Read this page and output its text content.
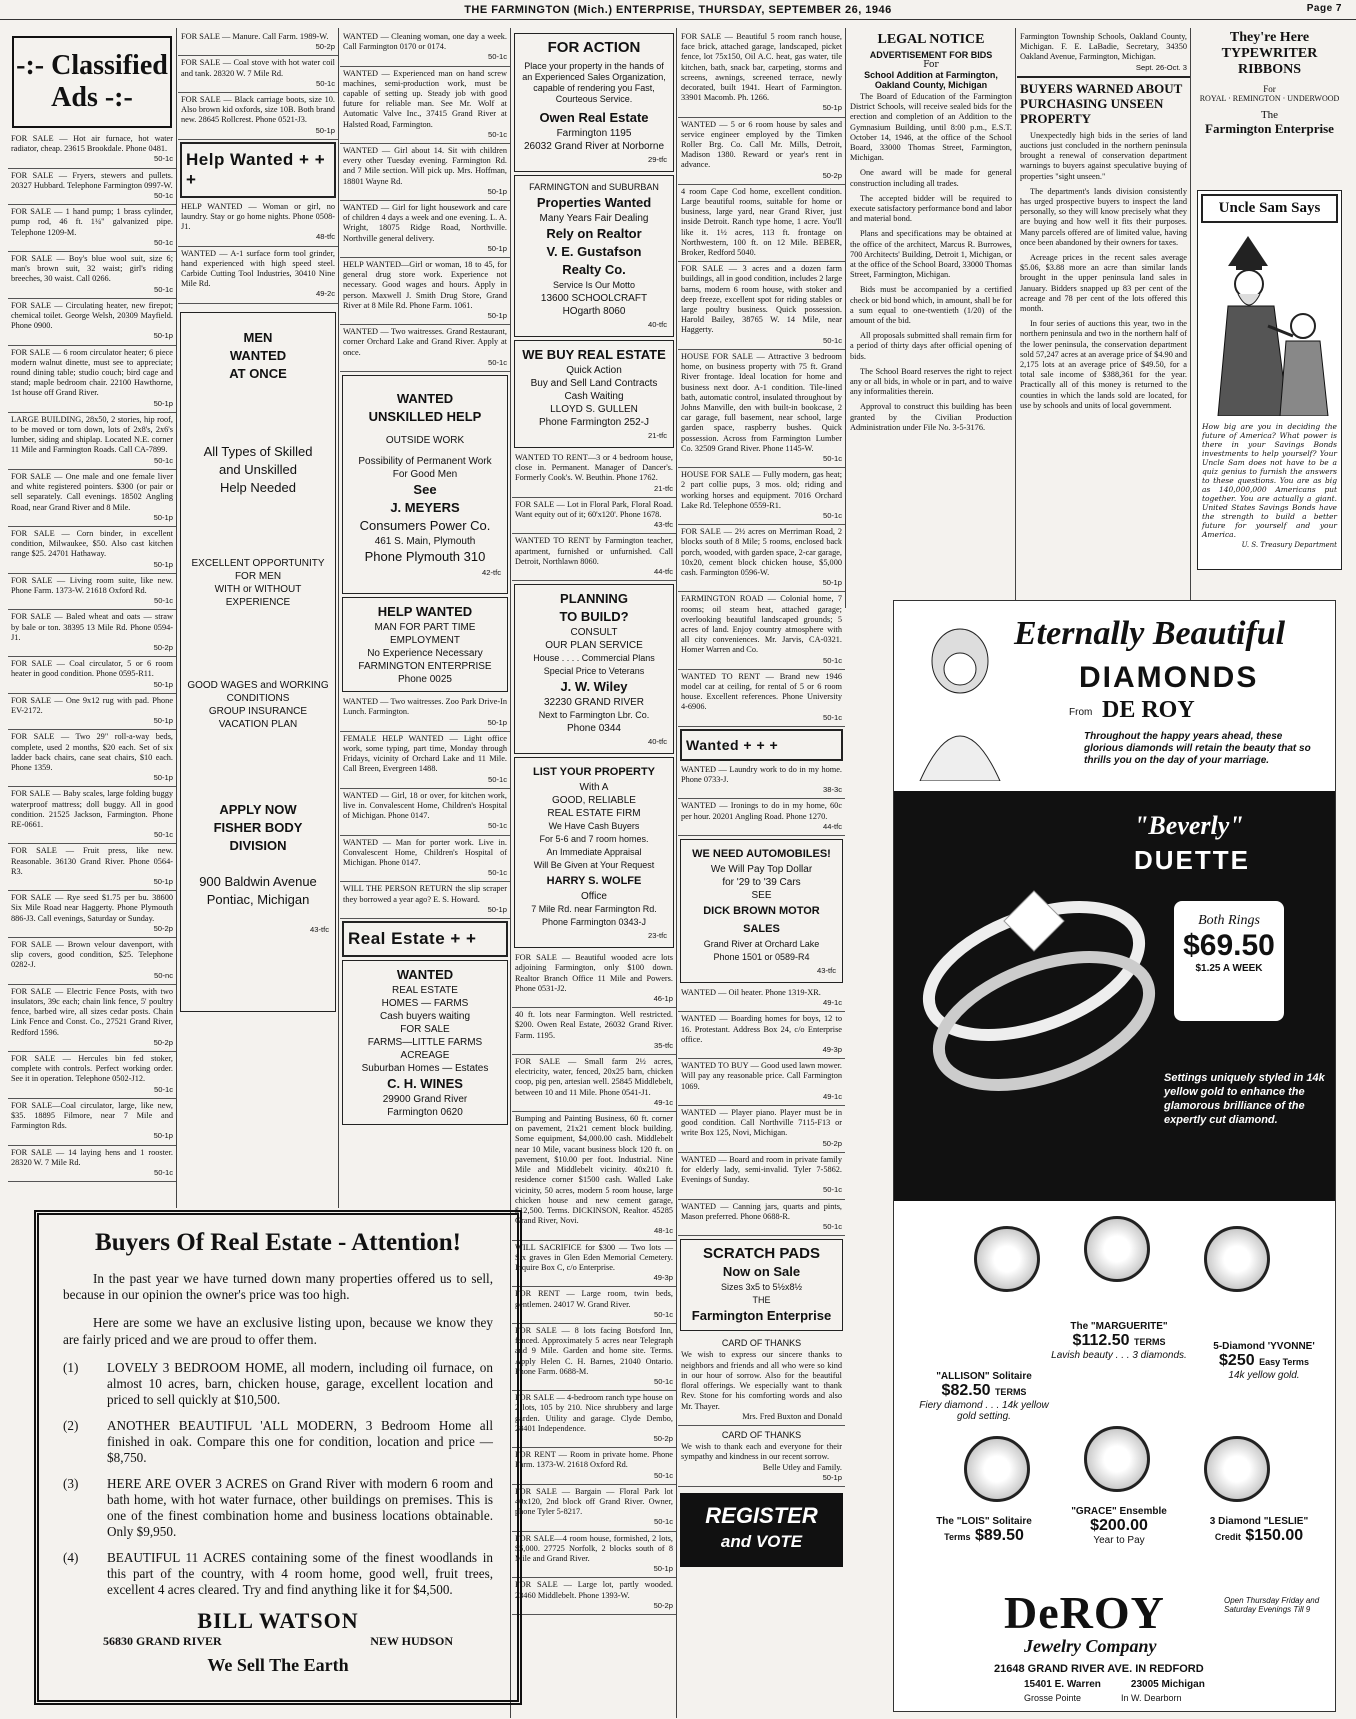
THE FARMINGTON (Mich.) ENTERPRISE, THURSDAY, SEPTEMBER 26, 1946	Page 7
-:- Classified Ads -:-
FOR SALE — Hot air furnace, hot water radiator, cheap. 23615 Brookdale. Phone 0481.
50-1c
FOR SALE — Fryers, stewers and pullets. 20327 Hubbard. Telephone Farmington 0997-W.
50-1c
FOR SALE — 1 hand pump; 1 brass cylinder, pump rod, 46 ft. 1¼" galvanized pipe. Telephone 1209-M.
50-1c
FOR SALE — Boy's blue wool suit, size 6; man's brown suit, 32 waist; girl's riding breeches, 30 waist. Call 0266.
50-1c
FOR SALE — Circulating heater, new firepot; chemical toilet. George Welsh, 20309 Mayfield. Phone 0900.
50-1p
FOR SALE — 6 room circulator heater; 6 piece modern walnut dinette, must see to appreciate; round dining table; studio couch; bird cage and stand; maple bedroom chair. 22100 Hawthorne, 1st house off Grand River.
50-1p
LARGE BUILDING, 28x50, 2 stories, hip roof, to be moved or torn down, lots of 2x8's, 2x6's lumber, siding and shiplap. Located N.E. corner 11 Mile and Farmington Roads. Call CA-7899.
50-1c
FOR SALE — One male and one female liver and white registered pointers. $300 (or pair or sell separately. Call evenings. 18502 Angling Road, near Grand River and 8 Mile.
50-1p
FOR SALE — Corn binder, in excellent condition, Milwaukee, $50. Also cast kitchen range $25. 24701 Hathaway.
50-1p
FOR SALE — Living room suite, like new. Phone Farm. 1373-W. 21618 Oxford Rd.
50-1c
FOR SALE — Baled wheat and oats — straw by bale or ton. 38395 13 Mile Rd. Phone 0594-J1.
50-2p
FOR SALE — Coal circulator, 5 or 6 room heater in good condition. Phone 0595-R11.
50-1p
FOR SALE — One 9x12 rug with pad. Phone EV-2172.
50-1p
FOR SALE — Two 29" roll-a-way beds, complete, used 2 months, $20 each. Set of six ladder back chairs, cane seat chairs, $10 each. Phone 1359.
50-1p
FOR SALE — Baby scales, large folding buggy waterproof mattress; doll buggy. All in good condition. 21525 Jackson, Farmington. Phone RE-0661.
50-1c
FOR SALE — Fruit press, like new. Reasonable. 36130 Grand River. Phone 0564-R3.
50-1p
FOR SALE — Rye seed $1.75 per bu. 38600 Six Mile Road near Haggerty. Phone Plymouth 886-J3. Call evenings, Saturday or Sunday.
50-2p
FOR SALE — Brown velour davenport, with slip covers, good condition, $25. Telephone 0282-J.
50-nc
FOR SALE — Electric Fence Posts, with two insulators, 39c each; chain link fence, 5' poultry fence, barbed wire, all sizes cedar posts. Chain Link Fence and Const. Co., 27521 Grand River, Redford 1596.
50-2p
FOR SALE — Hercules bin fed stoker, complete with controls. Perfect working order. See it in operation. Telephone 0502-J12.
50-1c
FOR SALE—Coal circulator, large, like new, $35. 18895 Filmore, near 7 Mile and Farmington Rds.
50-1p
FOR SALE — 14 laying hens and 1 rooster. 28320 W. 7 Mile Rd.
50-1c
FOR SALE — Manure. Call Farm. 1989-W.
50-2p
FOR SALE — Coal stove with hot water coil and tank. 28320 W. 7 Mile Rd.
50-1c
FOR SALE — Black carriage boots, size 10. Also brown kid oxfords, size 10B. Both brand new. 28645 Rollcrest. Phone 0521-J3.
50-1p
Help Wanted + + +
HELP WANTED — Woman or girl, no laundry. Stay or go home nights. Phone 0508-J1.
48-tfc
WANTED — A-1 surface form tool grinder, hand experienced with high speed steel. Carbide Cutting Tool Industries, 30410 Nine Mile Rd.
49-2c
MEN
WANTED
AT ONCE
All Types of Skilled
and Unskilled
Help Needed
EXCELLENT OPPORTUNITY
FOR MEN
WITH or WITHOUT
EXPERIENCE
GOOD WAGES and WORKING
CONDITIONS
GROUP INSURANCE
VACATION PLAN
APPLY NOW
FISHER BODY
DIVISION
900 Baldwin Avenue
Pontiac, Michigan
43-tfc
WANTED — Cleaning woman, one day a week. Call Farmington 0170 or 0174.
50-1c
WANTED — Experienced man on hand screw machines, semi-production work, must be capable of setting up. Steady job with good future for reliable man. See Mr. Wolf at Automatic Valve Inc., 37415 Grand River at Halsted Road, Farmington.
50-1c
WANTED — Girl about 14. Sit with children every other Tuesday evening. Farmington Rd. and 7 Mile section. Will pick up. Mrs. Hoffman, 18801 Wayne Rd.
50-1p
WANTED — Girl for light housework and care of children 4 days a week and one evening. L. A. Wright, 18075 Ridge Road, Northville. Northville general delivery.
50-1p
HELP WANTED—Girl or woman, 18 to 45, for general drug store work. Experience not necessary. Good wages and hours. Apply in person. Maxwell J. Smith Drug Store, Grand River at 8 Mile Rd. Phone Farm. 1061.
50-1p
WANTED — Two waitresses. Grand Restaurant, corner Orchard Lake and Grand River. Apply at once.
50-1c
WANTED
UNSKILLED HELP
OUTSIDE WORK
Possibility of Permanent Work
For Good Men
See
J. MEYERS
Consumers Power Co.
461 S. Main, Plymouth
Phone Plymouth 310
42-tfc
HELP WANTED
MAN FOR PART TIME EMPLOYMENT
No Experience Necessary
FARMINGTON ENTERPRISE
Phone 0025
WANTED — Two waitresses. Zoo Park Drive-In Lunch. Farmington.
50-1p
FEMALE HELP WANTED — Light office work, some typing, part time, Monday through Fridays, vicinity of Orchard Lake and 11 Mile. Call Breen, Evergreen 1488.
50-1c
WANTED — Girl, 18 or over, for kitchen work, live in. Convalescent Home, Children's Hospital of Michigan. Phone 0147.
50-1c
WANTED — Man for porter work. Live in. Convalescent Home, Children's Hospital of Michigan. Phone 0147.
50-1c
WILL THE PERSON RETURN the slip scraper they borrowed a year ago? E. S. Howard.
50-1p
Real Estate + +
WANTED
REAL ESTATE
HOMES — FARMS
Cash buyers waiting
FOR SALE
FARMS—LITTLE FARMS
ACREAGE
Suburban Homes — Estates
C. H. WINES
29900 Grand River
Farmington 0620
FOR ACTION
Place your property in the hands of an Experienced Sales Organization, capable of rendering you Fast, Courteous Service.
Owen Real Estate
Farmington 1195
26032 Grand River at Norborne
29-tfc
FARMINGTON and SUBURBAN
Properties Wanted
Many Years Fair Dealing
Rely on Realtor
V. E. Gustafson
Realty Co.
Service Is Our Motto
13600 SCHOOLCRAFT
HOgarth 8060
40-tfc
WE BUY REAL ESTATE
Quick Action
Buy and Sell Land Contracts
Cash Waiting
LLOYD S. GULLEN
Phone Farmington 252-J
21-tfc
WANTED TO RENT—3 or 4 bedroom house, close in. Permanent. Manager of Dancer's. Formerly Cook's. W. Beuthin. Phone 1762.
21-tfc
FOR SALE — Lot in Floral Park, Floral Road. Want equity out of it; 60'x120'. Phone 1678.
43-tfc
WANTED TO RENT by Farmington teacher, apartment, furnished or unfurnished. Call Detroit, Northlawn 8060.
44-tfc
PLANNING
TO BUILD?
CONSULT
OUR PLAN SERVICE
House . . . . Commercial Plans
Special Price to Veterans
J. W. Wiley
32230 GRAND RIVER
Next to Farmington Lbr. Co.
Phone 0344
40-tfc
LIST YOUR PROPERTY
With A
GOOD, RELIABLE
REAL ESTATE FIRM
We Have Cash Buyers
For 5-6 and 7 room homes.
An Immediate Appraisal
Will Be Given at Your Request
HARRY S. WOLFE
Office
7 Mile Rd. near Farmington Rd.
Phone Farmington 0343-J
23-tfc
FOR SALE — Beautiful wooded acre lots adjoining Farmington, only $100 down. Realtor Branch Office 11 Mile and Powers. Phone 0531-J2.
46-1p
40 ft. lots near Farmington. Well restricted. $200. Owen Real Estate, 26032 Grand River. Farm. 1195.
35-tfc
FOR SALE — Small farm 2½ acres, electricity, water, fenced, 20x25 barn, chicken coop, pig pen, artesian well. 25845 Middlebelt, between 10 and 11 Mile. Phone 0541-J1.
49-1c
Bumping and Painting Business, 60 ft. corner on pavement, 21x21 cement block building. Some equipment, $4,000.00 cash. Middlebelt near 10 Mile, vacant business block 120 ft. on pavement, $10.00 per foot. Industrial. Nine Mile and Middlebelt vicinity. 40x210 ft. residence corner $1500 cash. Walled Lake vicinity, 50 acres, modern 5 room house, large chicken house and new cement garage, $12,500. Terms. DICKINSON, Realtor. 45285 Grand River, Novi.
48-1c
WILL SACRIFICE for $300 — Two lots — Six graves in Glen Eden Memorial Cemetery. Inquire Box C, c/o Enterprise.
49-3p
FOR RENT — Large room, twin beds, gentlemen. 24017 W. Grand River.
50-1c
FOR SALE — 8 lots facing Botsford Inn, fenced. Approximately 5 acres near Telegraph and 9 Mile. Garden and home site. Terms. Apply Helen C. H. Barnes, 21040 Ontario. Phone Farm. 0688-M.
50-1c
FOR SALE — 4-bedroom ranch type house on 2 lots, 105 by 210. Nice shrubbery and large garden. Utility and garage. Clyde Dembo, 28401 Independence.
50-2p
FOR RENT — Room in private home. Phone Farm. 1373-W. 21618 Oxford Rd.
50-1c
FOR SALE — Bargain — Floral Park lot 40x120, 2nd block off Grand River. Owner, phone Tyler 5-8217.
50-1c
FOR SALE—4 room house, formished, 2 lots, $5,000. 27725 Norfolk, 2 blocks south of 8 Mile and Grand River.
50-1p
FOR SALE — Large lot, partly wooded. 23460 Middlebelt. Phone 1393-W.
50-2p
FOR SALE — Beautiful 5 room ranch house, face brick, attached garage, landscaped, picket fence, lot 75x150, Oil A.C. heat, gas water, tile kitchen, bath, snack bar, carpeting, storms and screens, awnings, screened terrace, newly decorated, built 1941. Heart of Farmington. 33901 Macomb. Ph. 1266.
50-1p
WANTED — 5 or 6 room house by sales and service engineer employed by the Timken Roller Brg. Co. Call Mr. Mills, Detroit, Madison 1380. Reward or year's rent in advance.
50-2p
4 room Cape Cod home, excellent condition. Large beautiful rooms, suitable for home or business, large yard, near Grand River, just inside Detroit. Ranch type home, 1 acre. You'll like it. 1½ acres, 113 ft. frontage on Northwestern, 100 ft. on 12 Mile. BEBER, Broker, Redford 5040.
FOR SALE — 3 acres and a dozen farm buildings, all in good condition, includes 2 large barns, modern 6 room house, with stoker and deep freeze, excellent spot for riding stables or large poultry business. Quick possession. Harold Bailey, 38765 W. 14 Mile, near Haggerty.
50-1c
HOUSE FOR SALE — Attractive 3 bedroom home, on business property with 75 ft. Grand River frontage. Ideal location for home and business next door. A-1 condition. Tile-lined bath, automatic control, insulated throughout by Johns Manville, den with built-in bookcase, 2 car garage, full basement, near school, large garden space, raspberry bushes. Quick possession. Across from Farmington Lumber Co. 32509 Grand River. Phone 1145-W.
50-1c
HOUSE FOR SALE — Fully modern, gas heat; 2 part collie pups, 3 mos. old; riding and working horses and equipment. 7016 Orchard Lake Rd. Telephone 0559-R1.
50-1c
FOR SALE — 2½ acres on Merriman Road, 2 blocks south of 8 Mile; 5 rooms, enclosed back porch, wooded, with garden space, 2-car garage, 10x20, cement block chicken house, $5,000 cash. Farmington 0596-W.
50-1p
FARMINGTON ROAD — Colonial home, 7 rooms; oil steam heat, attached garage; overlooking beautiful landscaped grounds; 5 acres of land. Enjoy country atmosphere with all city conveniences. Mr. Jarvis, CA-0321. Homer Warren and Co.
50-1c
WANTED TO RENT — Brand new 1946 model car at ceiling, for rental of 5 or 6 room house. Excellent references. Phone University 4-6906.
50-1c
Wanted + + +
WANTED — Laundry work to do in my home. Phone 0733-J.
38-3c
WANTED — Ironings to do in my home, 60c per hour. 20201 Angling Road. Phone 1270.
44-tfc
WE NEED AUTOMOBILES!
We Will Pay Top Dollar
for '29 to '39 Cars
SEE
DICK BROWN MOTOR SALES
Grand River at Orchard Lake
Phone 1501 or 0589-R4
43-tfc
WANTED — Oil heater. Phone 1319-XR.
49-1c
WANTED — Boarding homes for boys, 12 to 16. Protestant. Address Box 24, c/o Enterprise office.
49-3p
WANTED TO BUY — Good used lawn mower. Will pay any reasonable price. Call Farmington 1069.
49-1c
WANTED — Player piano. Player must be in good condition. Call Northville 7115-F13 or write Box 125, Novi, Michigan.
50-2p
WANTED — Board and room in private family for elderly lady, semi-invalid. Tyler 7-5862. Evenings of Sunday.
50-1c
WANTED — Canning jars, quarts and pints, Mason preferred. Phone 0688-R.
50-1c
SCRATCH PADS
Now on Sale
Sizes 3x5 to 5½x8½
THE
Farmington Enterprise
CARD OF THANKS
We wish to express our sincere thanks to neighbors and friends and all who were so kind in our hour of sorrow. Also for the beautiful floral offerings. We especially want to thank Rev. Stone for his comforting words and also Mr. Thayer.
Mrs. Fred Buxton and Donald
CARD OF THANKS
We wish to thank each and everyone for their sympathy and kindness in our recent sorrow.
Belle Utley and Family.
50-1p
REGISTER
and VOTE
LEGAL NOTICE
ADVERTISEMENT FOR BIDS
For
School Addition at Farmington, Oakland County, Michigan
The Board of Education of the Farmington District Schools, will receive sealed bids for the erection and completion of an Addition to the Gymnasium Building, until 8:00 p.m., E.S.T. October 14, 1946, at the office of the School Board, 33000 Thomas Street, Farmington, Michigan.
One award will be made for general construction including all trades.
The accepted bidder will be required to execute satisfactory performance bond and labor and material bond.
Plans and specifications may be obtained at the office of the architect, Marcus R. Burrowes, 700 Architects' Building, Detroit 1, Michigan, or at the office of the School Board, 33000 Thomas Street, Farmington, Michigan.
Bids must be accompanied by a certified check or bid bond which, in amount, shall be for a sum equal to one-twentieth (1/20) of the amount of the bid.
All proposals submitted shall remain firm for a period of thirty days after official opening of bids.
The School Board reserves the right to reject any or all bids, in whole or in part, and to waive any informalities therein.
Approval to construct this building has been granted by the Civilian Production Administration under File No. 3-5-3176.
Farmington Township Schools, Oakland County, Michigan. F. E. LaBadie, Secretary, 34350 Oakland Avenue, Farmington, Michigan.
Sept. 26-Oct. 3
BUYERS WARNED ABOUT PURCHASING UNSEEN PROPERTY
Unexpectedly high bids in the series of land auctions just concluded in the northern peninsula brought a renewal of conservation department warnings to buyers against speculative buying of properties "sight unseen."
The department's lands division consistently has urged prospective buyers to inspect the land personally, so they will know precisely what they are buying and how well it fits their purposes. Many parcels offered are of limited value, having once been abandoned by their owners for taxes.
Acreage prices in the recent sales average $5.06, $3.88 more an acre than similar lands brought in the upper peninsula land sales in January. Bidders snapped up 83 per cent of the acreage and 78 per cent of the lots offered this month.
In four series of auctions this year, two in the northern peninsula and two in the northern half of the lower peninsula, the conservation department sold 57,247 acres at an average price of $4.90 and 2,175 lots at an average price of $49.50, for a total sale income of $388,361 for the year. Practically all of this money is returned to the counties in which the lands sold are located, for use by schools and units of local government.
They're Here
TYPEWRITER
RIBBONS
For
ROYAL · REMINGTON · UNDERWOOD
The
Farmington Enterprise
Uncle Sam Says
How big are you in deciding the future of America? What power is there in your Savings Bonds investments to help yourself? Your Uncle Sam does not have to be a quiz genius to furnish the answers to these questions. You are as big as 140,000,000 Americans put together. You are actually a giant. United States Savings Bonds have the strength to build a better future for yourself and your America.
U. S. Treasury Department
Buyers Of Real Estate - Attention!

In the past year we have turned down many properties offered us to sell, because in our opinion the owner's price was too high.

Here are some we have an exclusive listing upon, because we know they are fairly priced and we are proud to offer them.

(1) LOVELY 3 BEDROOM HOME, all modern, including oil furnace, on almost 10 acres, barn, chicken house, garage, excellent location and priced to sell quickly at $10,500.
(2) ANOTHER BEAUTIFUL 'ALL MODERN, 3 Bedroom Home all finished in oak. Compare this one for condition, location and price — $8,750.
(3) HERE ARE OVER 3 ACRES on Grand River with modern 6 room and bath home, with hot water furnace, other buildings on premises. This is one of the finest combination home and business locations obtainable. Only $9,950.
(4) BEAUTIFUL 11 ACRES containing some of the finest woodlands in this part of the country, with 4 room home, good well, fruit trees, excellent 4 acres cleared. Try and find anything like it for $4,500.
BILL WATSON
56830 GRAND RIVER	NEW HUDSON
We Sell The Earth
Eternally Beautiful
DIAMONDS
From DE ROY
Throughout the happy years ahead, these glorious diamonds will retain the beauty that so thrills you on the day of your marriage.
"Beverly"
DUETTE
Both Rings
$69.50
$1.25 A WEEK
Settings uniquely styled in 14k yellow gold to enhance the glamorous brilliance of the expertly cut diamond.
The "MARGUERITE"
$112.50 TERMS
Lavish beauty . . . 3 diamonds.
"ALLISON" Solitaire
$82.50 TERMS
Fiery diamond . . . 14k yellow gold setting.
5-Diamond 'YVONNE'
$250 Easy Terms
14k yellow gold.
The "LOIS" Solitaire
Terms $89.50
"GRACE" Ensemble
$200.00
Year to Pay
3 Diamond "LESLIE"
Credit $150.00
DeROY
Jewelry Company
Open Thursday Friday and Saturday Evenings Till 9
21648 GRAND RIVER AVE. IN REDFORD
15401 E. Warren	23005 Michigan
Grosse Pointe	In W. Dearborn
